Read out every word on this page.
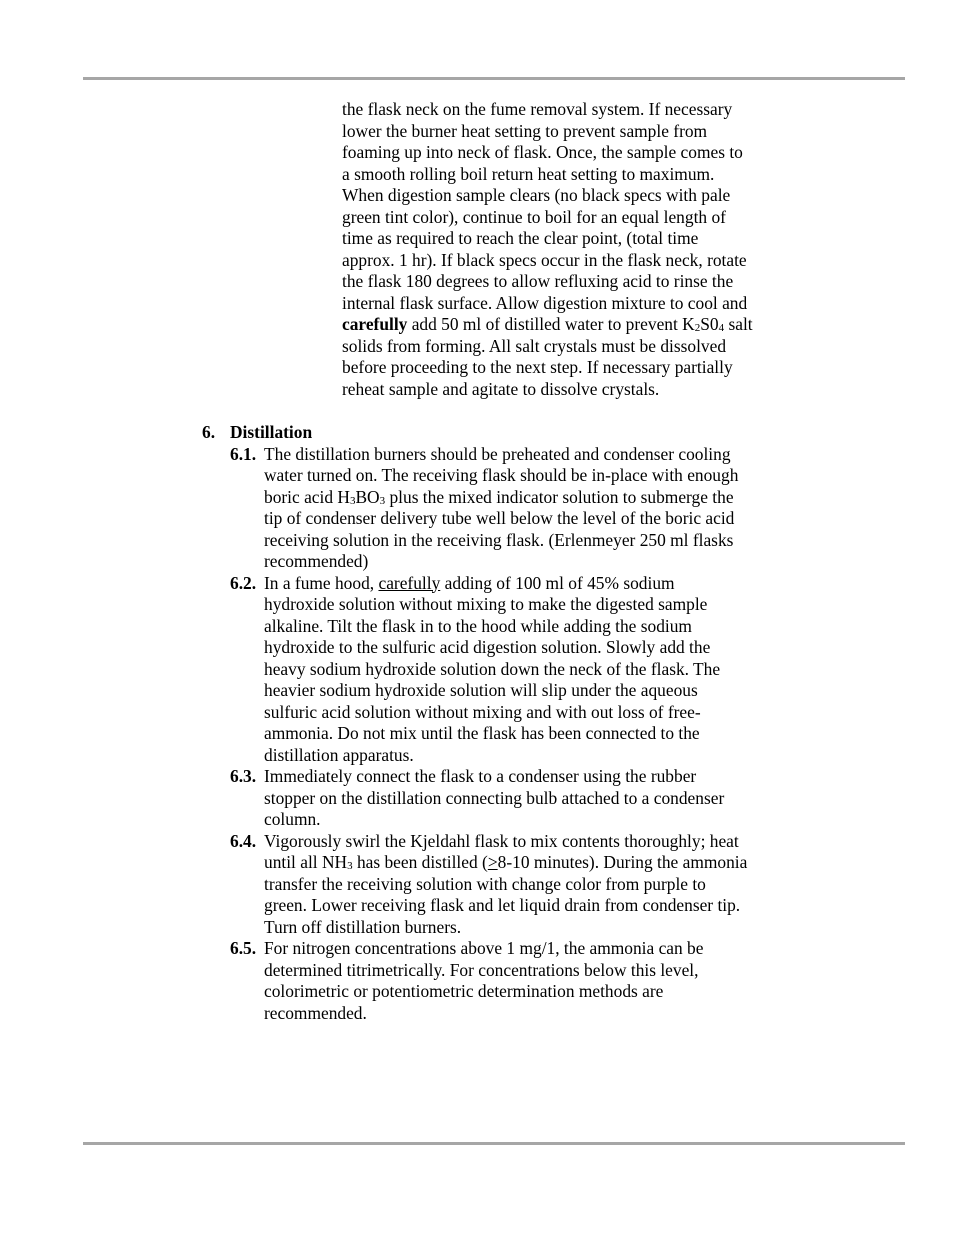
the flask neck on the fume removal system. If necessary
lower the burner heat setting to prevent sample from
foaming up into neck of flask. Once, the sample comes to
a smooth rolling boil return heat setting to maximum.
When digestion sample clears (no black specs with pale
green tint color), continue to boil for an equal length of
time as required to reach the clear point, (total time
approx. 1 hr). If black specs occur in the flask neck, rotate
the flask 180 degrees to allow refluxing acid to rinse the
internal flask surface. Allow digestion mixture to cool and
carefully add 50 ml of distilled water to prevent K2S04 salt
solids from forming. All salt crystals must be dissolved
before proceeding to the next step. If necessary partially
reheat sample and agitate to dissolve crystals.
6. Distillation
6.1. The distillation burners should be preheated and condenser cooling
water turned on. The receiving flask should be in-place with enough
boric acid H3BO3 plus the mixed indicator solution to submerge the
tip of condenser delivery tube well below the level of the boric acid
receiving solution in the receiving flask. (Erlenmeyer 250 ml flasks
recommended)
6.2. In a fume hood, carefully adding of 100 ml of 45% sodium
hydroxide solution without mixing to make the digested sample
alkaline. Tilt the flask in to the hood while adding the sodium
hydroxide to the sulfuric acid digestion solution. Slowly add the
heavy sodium hydroxide solution down the neck of the flask. The
heavier sodium hydroxide solution will slip under the aqueous
sulfuric acid solution without mixing and with out loss of free-
ammonia. Do not mix until the flask has been connected to the
distillation apparatus.
6.3. Immediately connect the flask to a condenser using the rubber
stopper on the distillation connecting bulb attached to a condenser
column.
6.4. Vigorously swirl the Kjeldahl flask to mix contents thoroughly; heat
until all NH3 has been distilled (>8-10 minutes). During the ammonia
transfer the receiving solution with change color from purple to
green. Lower receiving flask and let liquid drain from condenser tip.
Turn off distillation burners.
6.5. For nitrogen concentrations above 1 mg/1, the ammonia can be
determined titrimetrically. For concentrations below this level,
colorimetric or potentiometric determination methods are
recommended.
